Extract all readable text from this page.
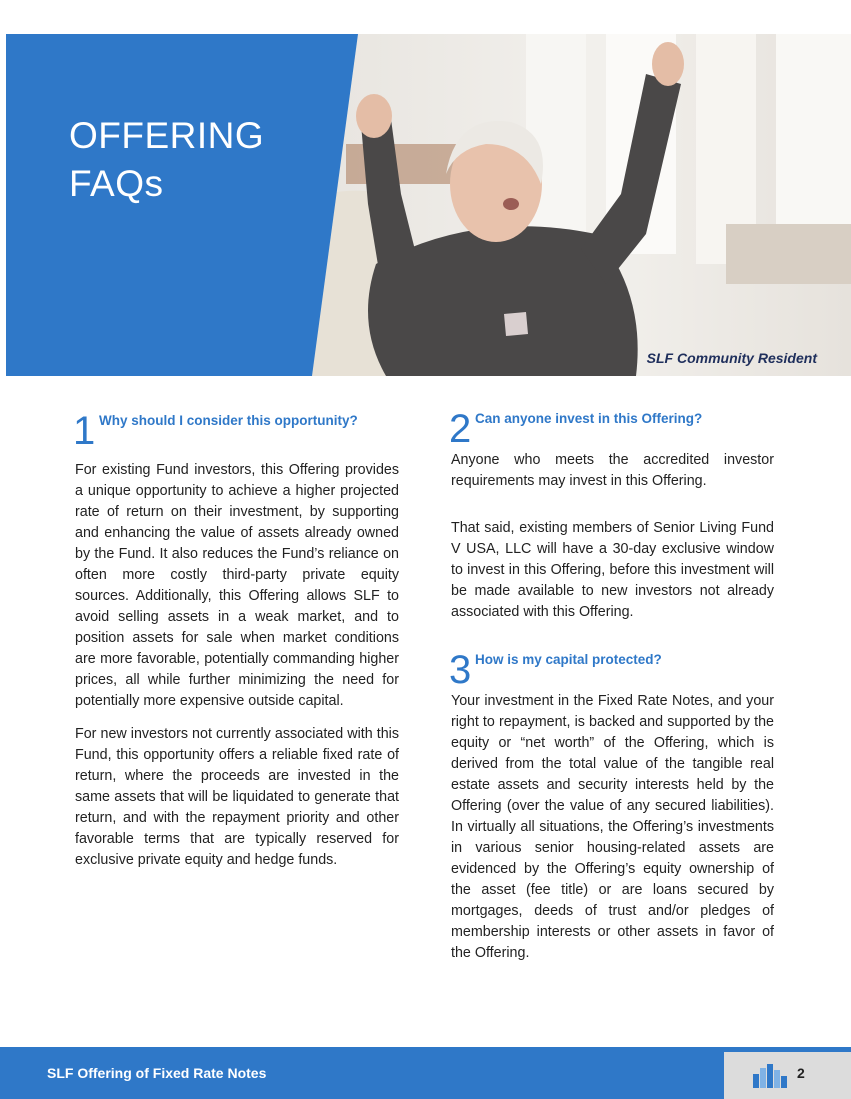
OFFERING
FAQs

SLF Community Resident

1 Why should I consider this opportunity?

For existing Fund investors, this Offering provides a unique opportunity to achieve a higher projected rate of return on their investment, by supporting and enhancing the value of assets already owned by the Fund. It also reduces the Fund’s reliance on often more costly third-party private equity sources. Additionally, this Offering allows SLF to avoid selling assets in a weak market, and to position assets for sale when market conditions are more favorable, potentially commanding higher prices, all while further minimizing the need for potentially more expensive outside capital.

For new investors not currently associated with this Fund, this opportunity offers a reliable fixed rate of return, where the proceeds are invested in the same assets that will be liquidated to generate that return, and with the repayment priority and other favorable terms that are typically reserved for exclusive private equity and hedge funds.

2 Can anyone invest in this Offering?

Anyone who meets the accredited investor requirements may invest in this Offering.

That said, existing members of Senior Living Fund V USA, LLC will have a 30-day exclusive window to invest in this Offering, before this investment will be made available to new investors not already associated with this Offering.

3 How is my capital protected?

Your investment in the Fixed Rate Notes, and your right to repayment, is backed and supported by the equity or “net worth” of the Offering, which is derived from the total value of the tangible real estate assets and security interests held by the Offering (over the value of any secured liabilities). In virtually all situations, the Offering’s investments in various senior housing-related assets are evidenced by the Offering’s equity ownership of the asset (fee title) or are loans secured by mortgages, deeds of trust and/or pledges of membership interests or other assets in favor of the Offering.

SLF Offering of Fixed Rate Notes	2
